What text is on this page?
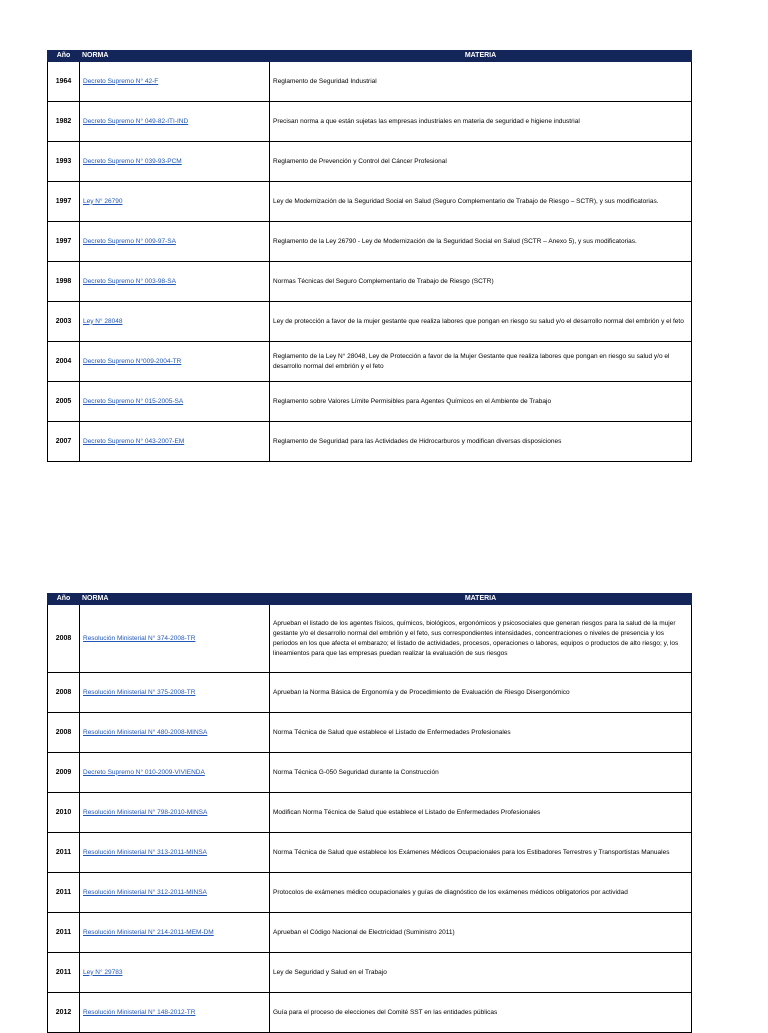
Año	NORMA	MATERIA
1964	Decreto Supremo N° 42-F	Reglamento de Seguridad Industrial
1982	Decreto Supremo N° 049-82-ITI-IND	Precisan norma a que están sujetas las empresas industriales en materia de seguridad e higiene industrial
1993	Decreto Supremo N° 039-93-PCM	Reglamento de Prevención y Control del Cáncer Profesional
1997	Ley N° 26790	Ley de Modernización de la Seguridad Social en Salud (Seguro Complementario de Trabajo de Riesgo – SCTR), y sus modificatorias.
1997	Decreto Supremo N° 009-97-SA	Reglamento de la Ley 26790 - Ley de Modernización de la Seguridad Social en Salud (SCTR – Anexo 5), y sus modificatorias.
1998	Decreto Supremo N° 003-98-SA	Normas Técnicas del Seguro Complementario de Trabajo de Riesgo (SCTR)
2003	Ley N° 28048	Ley de protección a favor de la mujer gestante que realiza labores que pongan en riesgo su salud y/o el desarrollo normal del embrión y el feto
2004	Decreto Supremo N°009-2004-TR	Reglamento de la Ley N° 28048, Ley de Protección a favor de la Mujer Gestante que realiza labores que pongan en riesgo su salud y/o el desarrollo normal del embrión y el feto
2005	Decreto Supremo N° 015-2005-SA	Reglamento sobre Valores Límite Permisibles para Agentes Químicos en el Ambiente de Trabajo
2007	Decreto Supremo N° 043-2007-EM	Reglamento de Seguridad para las Actividades de Hidrocarburos y modifican diversas disposiciones
Año	NORMA	MATERIA
2008	Resolución Ministerial N° 374-2008-TR	Aprueban el listado de los agentes físicos, químicos, biológicos, ergonómicos y psicosociales que generan riesgos para la salud de la mujer gestante y/o el desarrollo normal del embrión y el feto, sus correspondientes intensidades, concentraciones o niveles de presencia y los periodos en los que afecta el embarazo; el listado de actividades, procesos, operaciones o labores, equipos o productos de alto riesgo; y, los lineamientos para que las empresas puedan realizar la evaluación de sus riesgos
2008	Resolución Ministerial N° 375-2008-TR	Aprueban la Norma Básica de Ergonomía y de Procedimiento de Evaluación de Riesgo Disergonómico
2008	Resolución Ministerial N° 480-2008-MINSA	Norma Técnica de Salud que establece el Listado de Enfermedades Profesionales
2009	Decreto Supremo N° 010-2009-VIVIENDA	Norma Técnica G-050 Seguridad durante la Construcción
2010	Resolución Ministerial N° 798-2010-MINSA	Modifican Norma Técnica de Salud que establece el Listado de Enfermedades Profesionales
2011	Resolución Ministerial N° 313-2011-MINSA	Norma Técnica de Salud que establece los Exámenes Médicos Ocupacionales para los Estibadores Terrestres y Transportistas Manuales
2011	Resolución Ministerial N° 312-2011-MINSA	Protocolos de exámenes médico ocupacionales y guías de diagnóstico de los exámenes médicos obligatorios por actividad
2011	Resolución Ministerial N° 214-2011-MEM-DM	Aprueban el Código Nacional de Electricidad (Suministro 2011)
2011	Ley N° 29783	Ley de Seguridad y Salud en el Trabajo
2012	Resolución Ministerial N° 148-2012-TR	Guía para el proceso de elecciones del Comité SST en las entidades públicas
